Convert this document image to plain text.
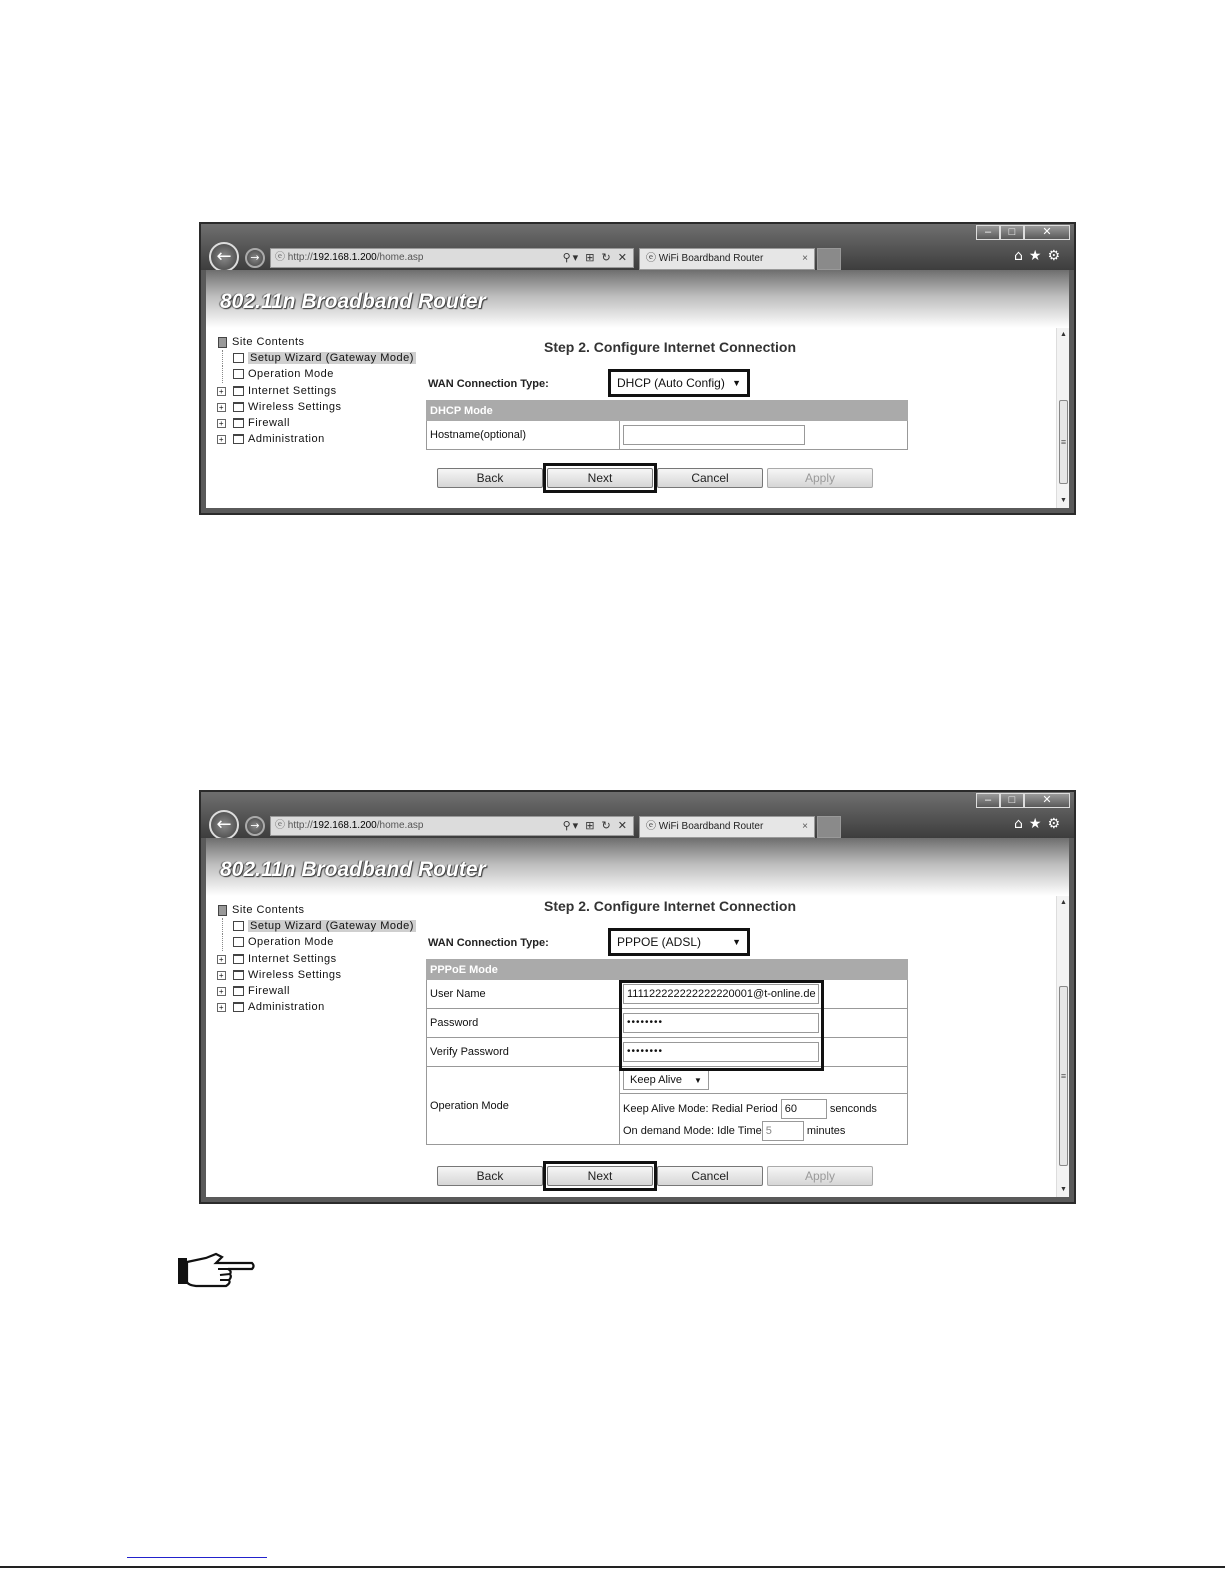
–	□	✕
←	→	ⓔ http://192.168.1.200/home.asp	⚲▾ ⊞ ↻ ✕	ⓔ WiFi Boardband Router	×	⌂★⚙
802.11n Broadband Router
Site Contents
Setup Wizard (Gateway Mode)
Operation Mode
+ Internet Settings
+ Wireless Settings
+ Firewall
+ Administration
Step 2. Configure Internet Connection
WAN Connection Type:	DHCP (Auto Config) ▼
DHCP Mode
Hostname(optional)	
Back	Next	Cancel	Apply
▲
≡
▼
–	□	✕
←	→	ⓔ http://192.168.1.200/home.asp	⚲▾ ⊞ ↻ ✕	ⓔ WiFi Boardband Router	×	⌂★⚙
802.11n Broadband Router
Site Contents
Setup Wizard (Gateway Mode)
Operation Mode
+ Internet Settings
+ Wireless Settings
+ Firewall
+ Administration
Step 2. Configure Internet Connection
WAN Connection Type:	PPPOE (ADSL)	▼
PPPoE Mode	
User Name	111122222222222220001@t-online.de
Password	••••••••
Verify Password	••••••••
Operation Mode	Keep Alive ▼

	Keep Alive Mode: Redial Period 60 senconds
On demand Mode: Idle Time 5 minutes
Back	Next	Cancel	Apply
▲
≡
▼
